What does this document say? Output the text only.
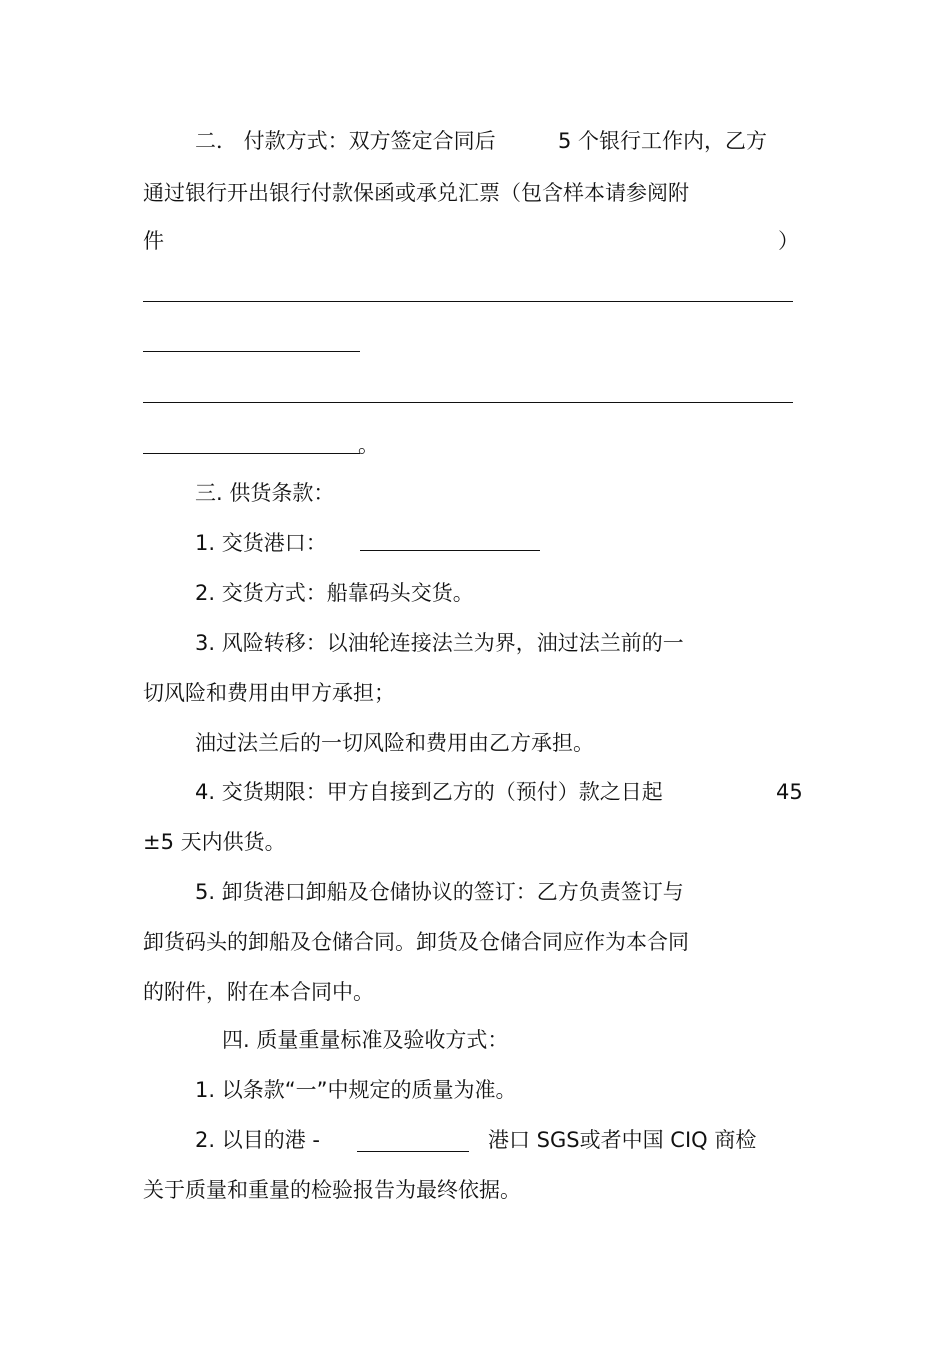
二． 付款方式：双方签定合同后	5 个银行工作内，乙方
通过银行开出银行付款保函或承兑汇票（包含样本请参阅附
件	）
。
三. 供货条款：
1. 交货港口：
2. 交货方式：船靠码头交货。
3. 风险转移：以油轮连接法兰为界，油过法兰前的一
切风险和费用由甲方承担；
油过法兰后的一切风险和费用由乙方承担。
4. 交货期限：甲方自接到乙方的（预付）款之日起	45
±5 天内供货。
5. 卸货港口卸船及仓储协议的签订：乙方负责签订与
卸货码头的卸船及仓储合同。卸货及仓储合同应作为本合同
的附件，附在本合同中。
四. 质量重量标准及验收方式：
1. 以条款“一”中规定的质量为准。
2. 以目的港 -	港口 SGS或者中国 CIQ 商检
关于质量和重量的检验报告为最终依据。
